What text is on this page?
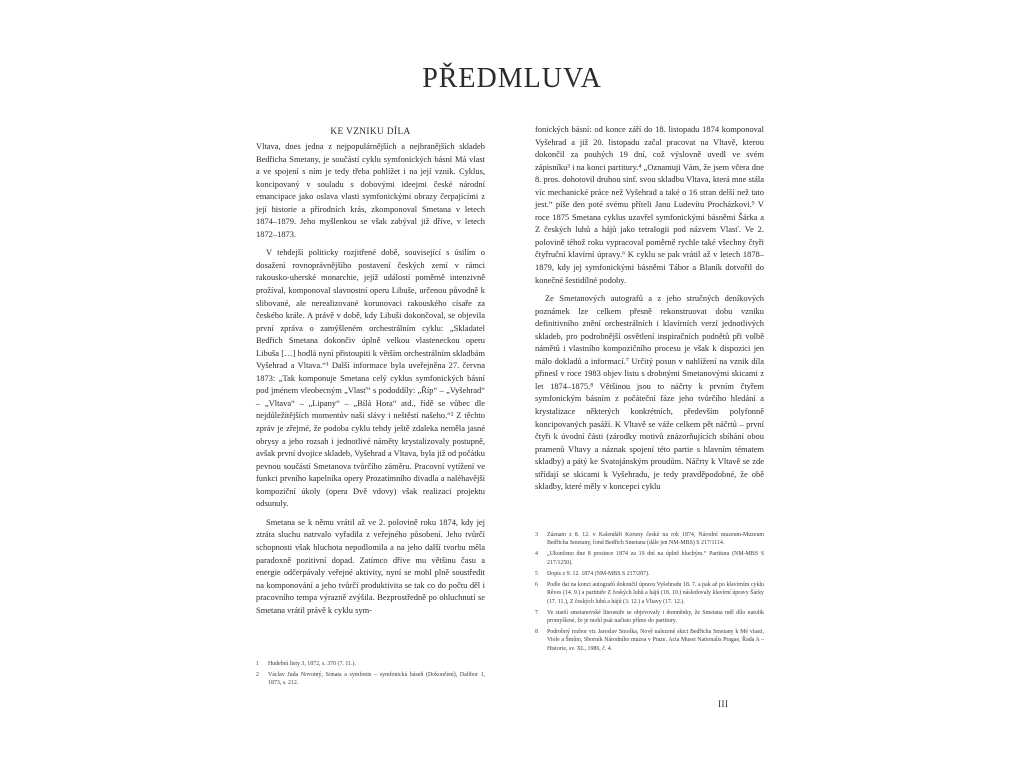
PŘEDMLUVA
KE VZNIKU DÍLA

Vltava, dnes jedna z nejpopulárnějších a nejhranějších skladeb Bedřicha Smetany, je součástí cyklu symfonických básní Má vlast a ve spojení s ním je tedy třeba pohlížet i na její vznik. Cyklus, koncipovaný v souladu s dobovými ideejmi české národní emancipace jako oslava vlasti symfonickými obrazy čerpajícími z její historie a přírodních krás, zkomponoval Smetana v letech 1874–1879. Jeho myšlenkou se však zabýval již dříve, v letech 1872–1873.

V tehdejší politicky rozjitřené době, související s úsilím o dosažení rovnoprávnějšího postavení českých zemí v rámci rakousko-uherské monarchie, jejíž událostí poměrně intenzivně prožíval, komponoval slavnostní operu Libuše, určenou původně k slibované, ale nerealizované korunovaci rakouského císaře za českého krále. A právě v době, kdy Libuši dokončoval, se objevila první zpráva o zamýšleném orchestrálním cyklu: „Skladatel Bedřich Smetana dokončiv úplně velkou vlasteneckou operu Libuša […] hodlá nyní přistoupiti k větším orchestrálním skladbám Vyšehrad a Vltava.“¹ Další informace byla uveřejněna 27. června 1873: „Tak komponuje Smetana celý cyklus symfonických básní pod jménem vleobecným „Vlasť“ s pododdíly: „Říp“ – „Vyšehrad“ – „Vltava“ – „Lipany“ – „Bílá Hora“ atd., řídě se vůbec dle nejdůležitějších momentův naší slávy i neštěstí našeho.“² Z těchto zpráv je zřejmé, že podoba cyklu tehdy ještě zdaleka neměla jasné obrysy a jeho rozsah i jednotlivé náměty krystalizovaly postupně, avšak první dvojice skladeb, Vyšehrad a Vltava, byla již od počátku pevnou součástí Smetanova tvůrčího záměru. Pracovní vytížení ve funkci prvního kapelníka opery Prozatímního divadla a naléhavější kompoziční úkoly (opera Dvě vdovy) však realizaci projektu odsunuly.

Smetana se k němu vrátil až ve 2. polovině roku 1874, kdy jej ztráta sluchu natrvalo vyřadila z veřejného působení. Jeho tvůrčí schopnosti však hluchota nepodlomila a na jeho další tvorbu měla paradoxně pozitivní dopad. Zatímco dříve mu většinu času a energie odčerpávaly veřejné aktivity, nyní se mohl plně soustředit na komponování a jeho tvůrčí produktivita se tak co do počtu děl i pracovního tempa výrazně zvýšila. Bezprostředně po ohluchnutí se Smetana vrátil právě k cyklu sym-

fonických básní: od konce září do 18. listopadu 1874 komponoval Vyšehrad a již 20. listopadu začal pracovat na Vltavě, kterou dokončil za pouhých 19 dní, což výslovně uvedl ve svém zápisníku³ i na konci partitury.⁴ „Oznamuji Vám, že jsem včera dne 8. pros. dohotovil druhou sinf. svou skladbu Vltava, která mne stála víc mechanické práce než Vyšehrad a také o 16 stran delší než tato jest.“ píše den poté svému příteli Janu Ludevítu Procházkovi.⁵ V roce 1875 Smetana cyklus uzavřel symfonickými básněmi Šárka a Z českých luhů a hájů jako tetralogii pod názvem Vlasť. Ve 2. polovině téhož roku vypracoval poměrně rychle také všechny čtyři čtyřruční klavírní úpravy.⁶ K cyklu se pak vrátil až v letech 1878–1879, kdy jej symfonickými básněmi Tábor a Blaník dotvořil do konečné šestidílné podoby.

Ze Smetanových autografů a z jeho stručných deníkových poznámek lze celkem přesně rekonstruovat dobu vzniku definitivního znění orchestrálních i klavírních verzí jednotlivých skladeb, pro podrobnější osvětlení inspiračních podnětů při volbě námětů i vlastního kompozičního procesu je však k dispozici jen málo dokladů a informací.⁷ Určitý posun v nahlížení na vznik díla přinesl v roce 1983 objev listu s drobnými Smetanovými skicami z let 1874–1875.⁸ Většinou jsou to náčrty k prvním čtyřem symfonickým básním z počáteční fáze jeho tvůrčího hledání a krystalizace některých konkrétních, především polyfonně koncipovaných pasáží. K Vltavě se váže celkem pět náčrtů – první čtyři k úvodní části (zárodky motivů znázorňujících sbíhání obou pramenů Vltavy a náznak spojení této partie s hlavním tématem skladby) a pátý ke Svatojánským proudům. Náčrty k Vltavě se zde střídají se skicami k Vyšehradu, je tedy pravděpodobné, že obě skladby, které měly v koncepci cyklu

1	Hudební listy 3, 1872, s. 370 (7. 11.).
2	Václav Juda Novotný, Sonata a symfonie – symfonická báseň (Dokončení), Dalibor 1, 1873, s. 212.
3	Záznam z 8. 12. v Kalendáři Koruny české na rok 1874, Národní muzeum-Muzeum Bedřicha Smetany, fond Bedřich Smetana (dále jen NM-MBS) S 217/1114.
4	„Ukončeno dne 8 prosince 1874 za 19 dní na úplně hluchým.“ Partitura (NM-MBS S 217/1250).
5	Dopis z 9. 12. 1874 (NM-MBS S 217/287).
6	Podle dat na konci autografů dokončil úpravu Vyšehradu 18. 7. a pak až po klavírním cyklu Rêves (14. 9.) a partituře Z českých luhů a hájů (18. 10.) následovaly klavírní úpravy Šárky (17. 11.), Z českých luhů a hájů (3. 12.) a Vltavy (17. 12.).
7	Ve starší smetanovské literatuře se objevovaly i domněnky, že Smetana měl dílo natolik promyšlené, že je mohl psát načisto přímo do partitury.
8	Podrobný rozbor viz Jaroslav Smolka, Nově nalezené skici Bedřicha Smetany k Mé vlasti, Viole a Šmům, Sborník Národního muzea v Praze. Acta Musei Nationalis Pragae, Řada A – Historie, sv. XL, 1986, č. 4.
III
